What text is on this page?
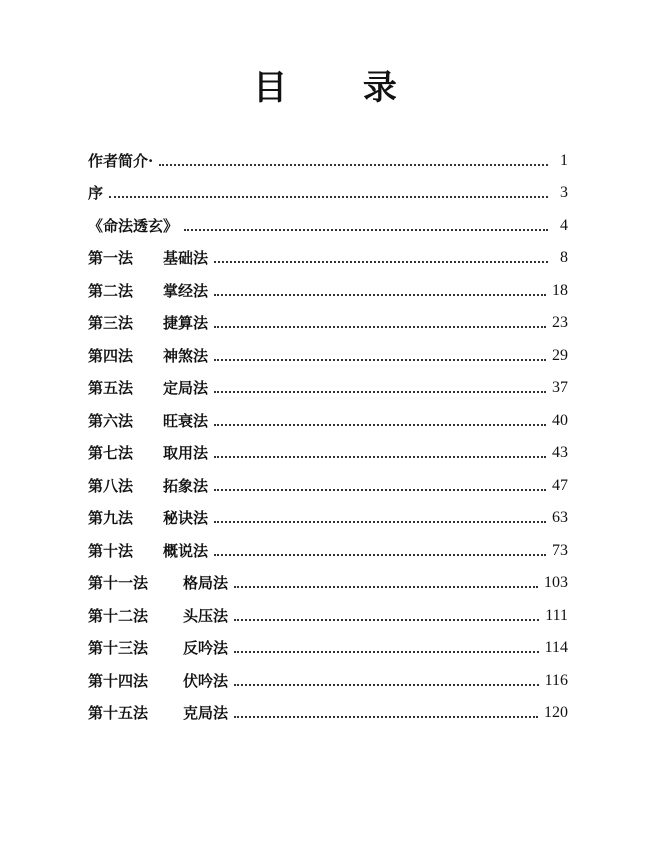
目 录
作者简介·	1
序	3
《命法透玄》	4
第一法	基础法	8
第二法	掌经法	18
第三法	捷算法	23
第四法	神煞法	29
第五法	定局法	37
第六法	旺衰法	40
第七法	取用法	43
第八法	拓象法	47
第九法	秘诀法	63
第十法	概说法	73
第十一法	格局法	103
第十二法	头压法	111
第十三法	反吟法	114
第十四法	伏吟法	116
第十五法	克局法	120
